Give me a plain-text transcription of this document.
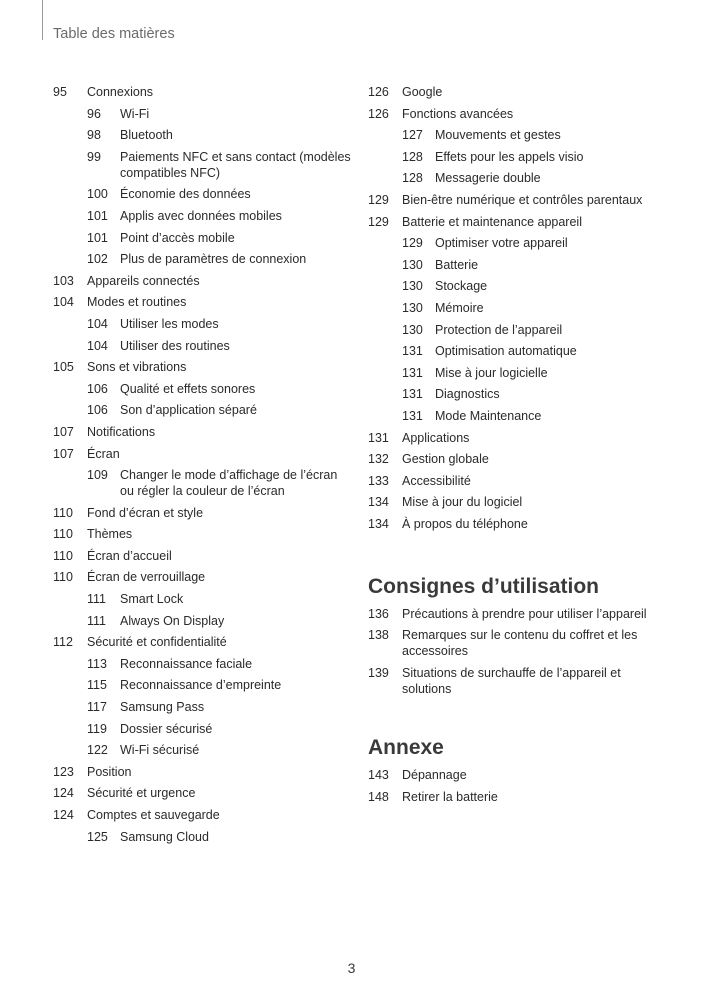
Table des matières
95	Connexions
96	Wi-Fi
98	Bluetooth
99	Paiements NFC et sans contact (modèles compatibles NFC)
100 Économie des données
101 Applis avec données mobiles
101 Point d’accès mobile
102 Plus de paramètres de connexion
103	Appareils connectés
104	Modes et routines
104 Utiliser les modes
104 Utiliser des routines
105	Sons et vibrations
106 Qualité et effets sonores
106 Son d’application séparé
107	Notifications
107	Écran
109 Changer le mode d’affichage de l’écran ou régler la couleur de l’écran
110	Fond d’écran et style
110	Thèmes
110	Écran d’accueil
110	Écran de verrouillage
111	Smart Lock
111	Always On Display
112	Sécurité et confidentialité
113	Reconnaissance faciale
115	Reconnaissance d’empreinte
117	Samsung Pass
119	Dossier sécurisé
122 Wi-Fi sécurisé
123	Position
124	Sécurité et urgence
124	Comptes et sauvegarde
125 Samsung Cloud
126	Google
126	Fonctions avancées
127 Mouvements et gestes
128 Effets pour les appels visio
128 Messagerie double
129	Bien-être numérique et contrôles parentaux
129	Batterie et maintenance appareil
129 Optimiser votre appareil
130 Batterie
130 Stockage
130 Mémoire
130 Protection de l’appareil
131 Optimisation automatique
131 Mise à jour logicielle
131 Diagnostics
131 Mode Maintenance
131	Applications
132	Gestion globale
133	Accessibilité
134	Mise à jour du logiciel
134	À propos du téléphone
Consignes d’utilisation
136	Précautions à prendre pour utiliser l’appareil
138	Remarques sur le contenu du coffret et les accessoires
139	Situations de surchauffe de l’appareil et solutions
Annexe
143	Dépannage
148	Retirer la batterie
3
